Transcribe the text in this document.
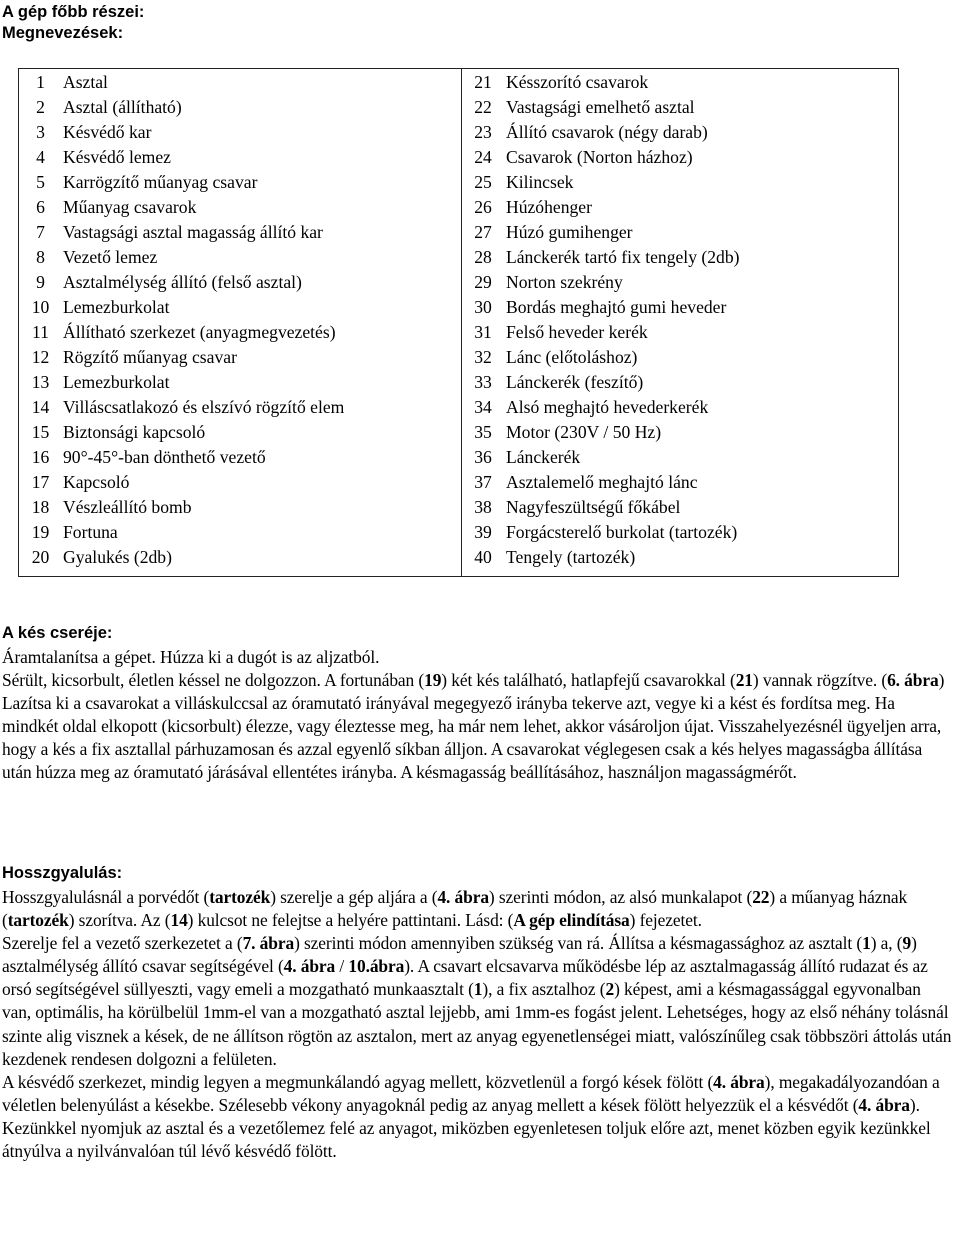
A gép főbb részei:
Megnevezések:
1	Asztal	21	Késszorító csavarok
2	Asztal (állítható)	22	Vastagsági emelhető asztal
3	Késvédő kar	23	Állító csavarok (négy darab)
4	Késvédő lemez	24	Csavarok (Norton házhoz)
5	Karrögzítő műanyag csavar	25	Kilincsek
6	Műanyag csavarok	26	Húzóhenger
7	Vastagsági asztal magasság állító kar	27	Húzó gumihenger
8	Vezető lemez	28	Lánckerék tartó fix tengely (2db)
9	Asztalmélység állító (felső asztal)	29	Norton szekrény
10	Lemezburkolat	30	Bordás meghajtó gumi heveder
11	Állítható szerkezet (anyagmegvezetés)	31	Felső heveder kerék
12	Rögzítő műanyag csavar	32	Lánc (előtoláshoz)
13	Lemezburkolat	33	Lánckerék (feszítő)
14	Villáscsatlakozó és elszívó rögzítő elem	34	Alsó meghajtó hevederkerék
15	Biztonsági kapcsoló	35	Motor (230V / 50 Hz)
16	90°-45°-ban dönthető vezető	36	Lánckerék
17	Kapcsoló	37	Asztalemelő meghajtó lánc
18	Vészleállító bomb	38	Nagyfeszültségű főkábel
19	Fortuna	39	Forgácsterelő burkolat (tartozék)
20	Gyalukés (2db)	40	Tengely (tartozék)
A kés cseréje:

Áramtalanítsa a gépet. Húzza ki a dugót is az aljzatból.
Sérült, kicsorbult, életlen késsel ne dolgozzon. A fortunában (19) két kés található, hatlapfejű csavarokkal (21) vannak rögzítve. (6. ábra)
Lazítsa ki a csavarokat a villáskulccsal az óramutató irányával megegyező irányba tekerve azt, vegye ki a kést és fordítsa meg. Ha mindkét oldal elkopott (kicsorbult) élezze, vagy éleztesse meg, ha már nem lehet, akkor vásároljon újat. Visszahelyezésnél ügyeljen arra, hogy a kés a fix asztallal párhuzamosan és azzal egyenlő síkban álljon. A csavarokat véglegesen csak a kés helyes magasságba állítása után húzza meg az óramutató járásával ellentétes irányba. A késmagasság beállításához, használjon magasságmérőt.

Hosszgyalulás:

Hosszgyalulásnál a porvédőt (tartozék) szerelje a gép aljára a (4. ábra) szerinti módon, az alsó munkalapot (22) a műanyag háznak (tartozék) szorítva. Az (14) kulcsot ne felejtse a helyére pattintani. Lásd: (A gép elindítása) fejezetet.
Szerelje fel a vezető szerkezetet a (7. ábra) szerinti módon amennyiben szükség van rá. Állítsa a késmagassághoz az asztalt (1) a, (9) asztalmélység állító csavar segítségével (4. ábra / 10.ábra). A csavart elcsavarva működésbe lép az asztalmagasság állító rudazat és az orsó segítségével süllyeszti, vagy emeli a mozgatható munkaasztalt (1), a fix asztalhoz (2) képest, ami a késmagassággal egyvonalban van, optimális, ha körülbelül 1mm-el van a mozgatható asztal lejjebb, ami 1mm-es fogást jelent. Lehetséges, hogy az első néhány tolásnál szinte alig visznek a kések, de ne állítson rögtön az asztalon, mert az anyag egyenetlenségei miatt, valószínűleg csak többszöri áttolás után kezdenek rendesen dolgozni a felületen.
A késvédő szerkezet, mindig legyen a megmunkálandó agyag mellett, közvetlenül a forgó kések fölött (4. ábra), megakadályozandóan a véletlen belenyúlást a késekbe. Szélesebb vékony anyagoknál pedig az anyag mellett a kések fölött helyezzük el a késvédőt (4. ábra). Kezünkkel nyomjuk az asztal és a vezetőlemez felé az anyagot, miközben egyenletesen toljuk előre azt, menet közben egyik kezünkkel átnyúlva a nyilvánvalóan túl lévő késvédő fölött.
